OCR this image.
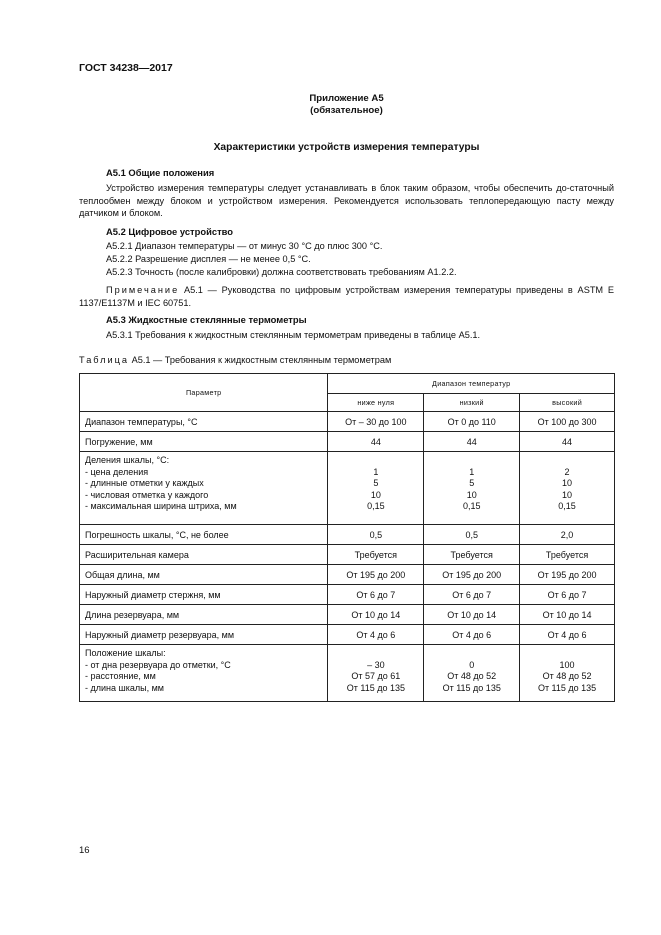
ГОСТ 34238—2017
Приложение А5
(обязательное)
Характеристики устройств измерения температуры
А5.1 Общие положения
Устройство измерения температуры следует устанавливать в блок таким образом, чтобы обеспечить до-статочный теплообмен между блоком и устройством измерения. Рекомендуется использовать теплопередающую пасту между датчиком и блоком.
А5.2 Цифровое устройство
А5.2.1 Диапазон температуры — от минус 30 °С до плюс 300 °С.
А5.2.2 Разрешение дисплея — не менее 0,5 °С.
А5.2.3 Точность (после калибровки) должна соответствовать требованиям А1.2.2.
Примечание А5.1 — Руководства по цифровым устройствам измерения температуры приведены в ASTM E 1137/E1137M и IEC 60751.
А5.3 Жидкостные стеклянные термометры
А5.3.1 Требования к жидкостным стеклянным термометрам приведены в таблице А5.1.
Таблица А5.1 — Требования к жидкостным стеклянным термометрам
Параметр	Диапазон температур		
	ниже нуля	низкий	высокий

Диапазон температуры, °С	От – 30 до 100	От 0 до 110	От 100 до 300

Погружение, мм	44	44	44

Деления шкалы, °С:
- цена деления
- длинные отметки у каждых
- числовая отметка у каждого
- максимальная ширина штриха, мм	1
5
10
0,15	1
5
10
0,15	2
10
10
0,15

Погрешность шкалы, °С, не более	0,5	0,5	2,0

Расширительная камера	Требуется	Требуется	Требуется

Общая длина, мм	От 195 до 200	От 195 до 200	От 195 до 200

Наружный диаметр стержня, мм	От 6 до 7	От 6 до 7	От 6 до 7

Длина резервуара, мм	От 10 до 14	От 10 до 14	От 10 до 14

Наружный диаметр резервуара, мм	От 4 до 6	От 4 до 6	От 4 до 6

Положение шкалы:
- от дна резервуара до отметки, °С
- расстояние, мм
- длина шкалы, мм	– 30
От 57 до 61
От 115 до 135	0
От 48 до 52
От 115 до 135	100
От 48 до 52
От 115 до 135
16
